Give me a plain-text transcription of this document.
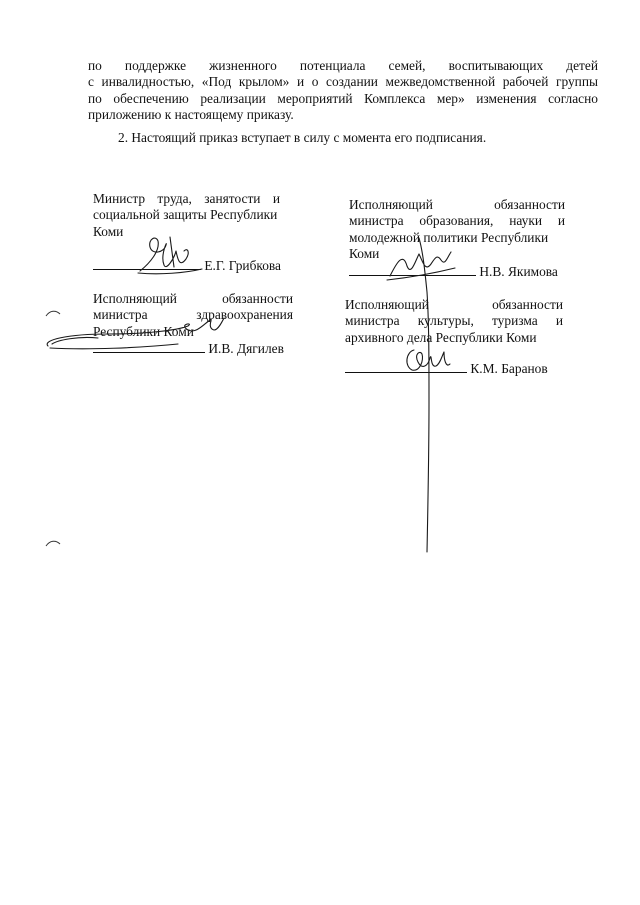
по поддержке жизненного потенциала семей, воспитывающих детей

с инвалидностью, «Под крылом» и о создании межведомственной рабочей группы

по обеспечению реализации мероприятий Комплекса мер» изменения согласно

приложению к настоящему приказу.

2. Настоящий приказ вступает в силу с момента его подписания.
Министр труда, занятости и
социальной защиты Республики
Коми
Е.Г. Грибкова
Исполняющий обязанности
министра образования, науки и
молодежной политики Республики
Коми
Н.В. Якимова
Исполняющий обязанности
министра здравоохранения
Республики Коми
И.В. Дягилев
Исполняющий обязанности
министра культуры, туризма и
архивного дела Республики Коми
К.М. Баранов
